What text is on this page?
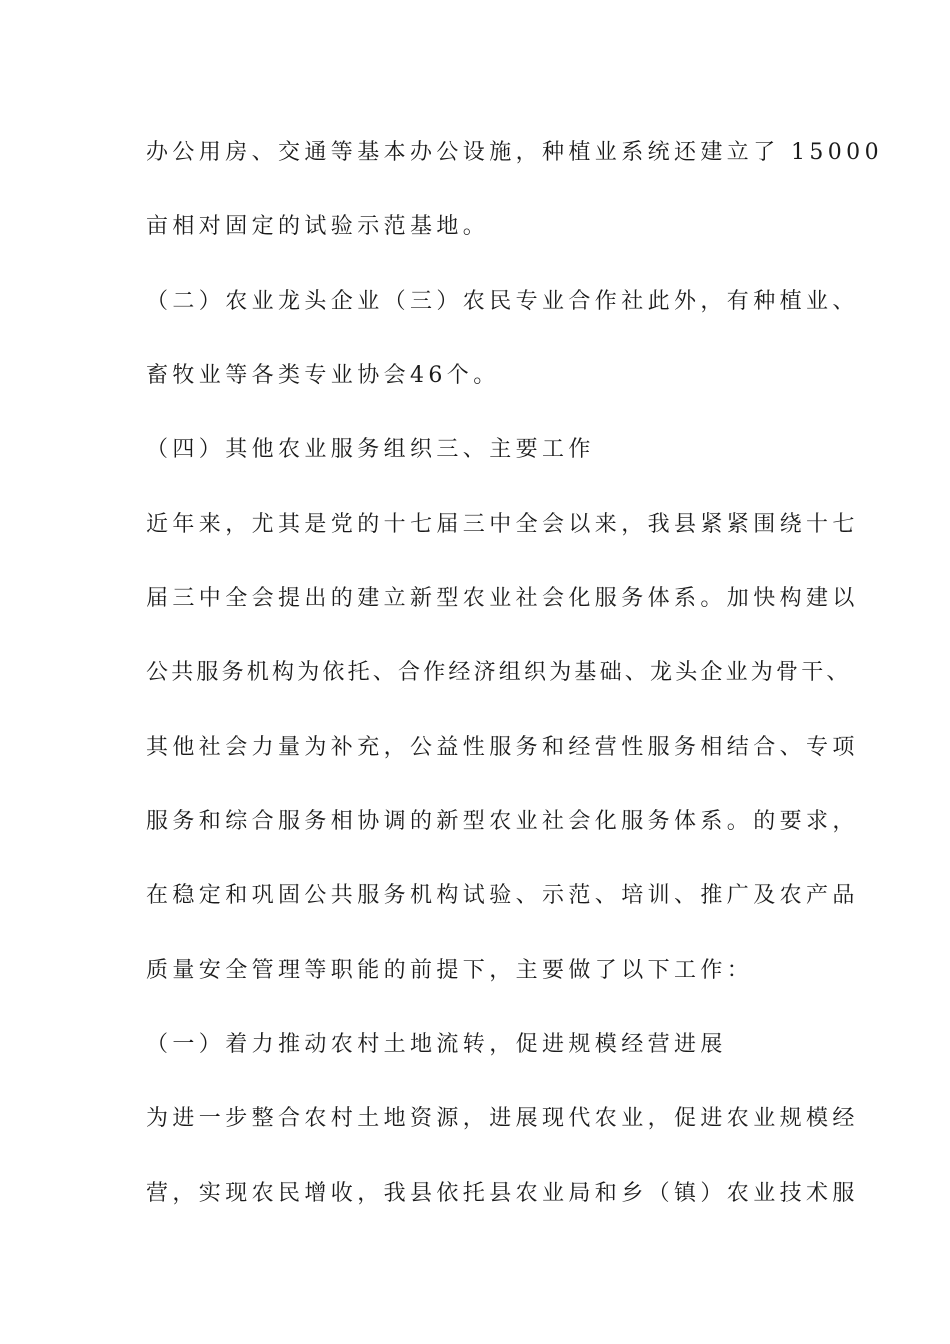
办公用房、交通等基本办公设施，种植业系统还建立了 15000
亩相对固定的试验示范基地。
（二）农业龙头企业（三）农民专业合作社此外，有种植业、
畜牧业等各类专业协会46个。
（四）其他农业服务组织三、主要工作
近年来，尤其是党的十七届三中全会以来，我县紧紧围绕十七
届三中全会提出的建立新型农业社会化服务体系。加快构建以
公共服务机构为依托、合作经济组织为基础、龙头企业为骨干、
其他社会力量为补充，公益性服务和经营性服务相结合、专项
服务和综合服务相协调的新型农业社会化服务体系。的要求，
在稳定和巩固公共服务机构试验、示范、培训、推广及农产品
质量安全管理等职能的前提下，主要做了以下工作：
（一）着力推动农村土地流转，促进规模经营进展
为进一步整合农村土地资源，进展现代农业，促进农业规模经
营，实现农民增收，我县依托县农业局和乡（镇）农业技术服
